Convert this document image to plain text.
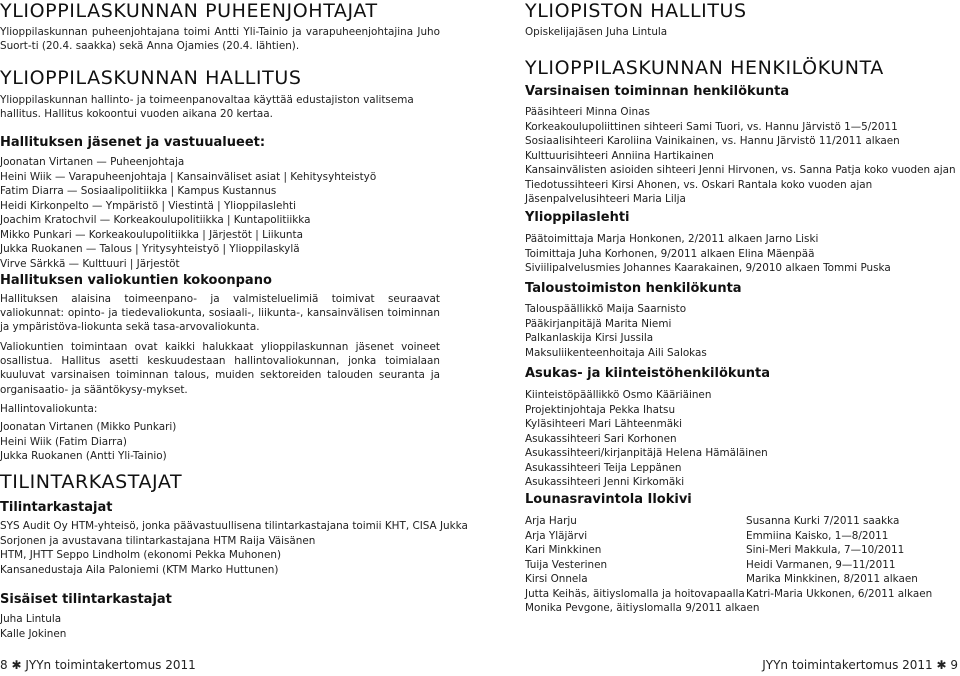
YLIOPPILASKUNNAN PUHEENJOHTAJAT
Ylioppilaskunnan puheenjohtajana toimi Antti Yli-Tainio ja varapuheenjohtajina Juho Suort-ti (20.4. saakka) sekä Anna Ojamies (20.4. lähtien).
YLIOPPILASKUNNAN HALLITUS
Ylioppilaskunnan hallinto- ja toimeenpanovaltaa käyttää edustajiston valitsema hallitus. Hallitus kokoontui vuoden aikana 20 kertaa.
Hallituksen jäsenet ja vastuualueet:
Joonatan Virtanen — Puheenjohtaja
Heini Wiik — Varapuheenjohtaja | Kansainväliset asiat | Kehitysyhteistyö
Fatim Diarra — Sosiaalipolitiikka | Kampus Kustannus
Heidi Kirkonpelto — Ympäristö | Viestintä | Ylioppilaslehti
Joachim Kratochvil — Korkeakoulupolitiikka | Kuntapolitiikka
Mikko Punkari — Korkeakoulupolitiikka | Järjestöt | Liikunta
Jukka Ruokanen — Talous | Yritysyhteistyö | Ylioppilaskylä
Virve Särkkä — Kulttuuri | Järjestöt
Hallituksen valiokuntien kokoonpano
Hallituksen alaisina toimeenpano- ja valmisteluelimiä toimivat seuraavat valiokunnat: opinto- ja tiedevaliokunta, sosiaali-, liikunta-, kansainvälisen toiminnan ja ympäristöva-liokunta sekä tasa-arvovaliokunta.
Valiokuntien toimintaan ovat kaikki halukkaat ylioppilaskunnan jäsenet voineet osallistua. Hallitus asetti keskuudestaan hallintovaliokunnan, jonka toimialaan kuuluvat varsinaisen toiminnan talous, muiden sektoreiden talouden seuranta ja organisaatio- ja sääntökysy-mykset.
Hallintovaliokunta:
Joonatan Virtanen (Mikko Punkari)
Heini Wiik (Fatim Diarra)
Jukka Ruokanen (Antti Yli-Tainio)
TILINTARKASTAJAT
Tilintarkastajat
SYS Audit Oy HTM-yhteisö, jonka päävastuullisena tilintarkastajana toimii KHT, CISA Jukka
Sorjonen ja avustavana tilintarkastajana HTM Raija Väisänen
HTM, JHTT Seppo Lindholm (ekonomi Pekka Muhonen)
Kansanedustaja Aila Paloniemi (KTM Marko Huttunen)
Sisäiset tilintarkastajat
Juha Lintula
Kalle Jokinen
YLIOPISTON HALLITUS
Opiskelijajäsen Juha Lintula
YLIOPPILASKUNNAN HENKILÖKUNTA
Varsinaisen toiminnan henkilökunta
Pääsihteeri Minna Oinas
Korkeakoulupoliittinen sihteeri Sami Tuori, vs. Hannu Järvistö 1—5/2011
Sosiaalisihteeri Karoliina Vainikainen, vs. Hannu Järvistö 11/2011 alkaen
Kulttuurisihteeri Anniina Hartikainen
Kansainvälisten asioiden sihteeri Jenni Hirvonen, vs. Sanna Patja koko vuoden ajan
Tiedotussihteeri Kirsi Ahonen, vs. Oskari Rantala koko vuoden ajan
Jäsenpalvelusihteeri Maria Lilja
Ylioppilaslehti
Päätoimittaja Marja Honkonen, 2/2011 alkaen Jarno Liski
Toimittaja Juha Korhonen, 9/2011 alkaen Elina Mäenpää
Siviilipalvelusmies Johannes Kaarakainen, 9/2010 alkaen Tommi Puska
Taloustoimiston henkilökunta
Talouspäällikkö Maija Saarnisto
Pääkirjanpitäjä Marita Niemi
Palkanlaskija Kirsi Jussila
Maksuliikenteenhoitaja Aili Salokas
Asukas- ja kiinteistöhenkilökunta
Kiinteistöpäällikkö Osmo Kääriäinen
Projektinjohtaja Pekka Ihatsu
Kyläsihteeri Mari Lähteenmäki
Asukassihteeri Sari Korhonen
Asukassihteeri/kirjanpitäjä Helena Hämäläinen
Asukassihteeri Teija Leppänen
Asukassihteeri Jenni Kirkomäki
Lounasravintola Ilokivi
Arja Harju
Arja Yläjärvi
Kari Minkkinen
Tuija Vesterinen
Kirsi Onnela
Jutta Keihäs, äitiyslomalla ja hoitovapaalla
Monika Pevgone, äitiyslomalla 9/2011 alkaen
Susanna Kurki 7/2011 saakka
Emmiina Kaisko, 1—8/2011
Sini-Meri Makkula, 7—10/2011
Heidi Varmanen, 9—11/2011
Marika Minkkinen, 8/2011 alkaen
Katri-Maria Ukkonen, 6/2011 alkaen
8 ✱ JYYn toimintakertomus 2011	JYYn toimintakertomus 2011 ✱ 9
